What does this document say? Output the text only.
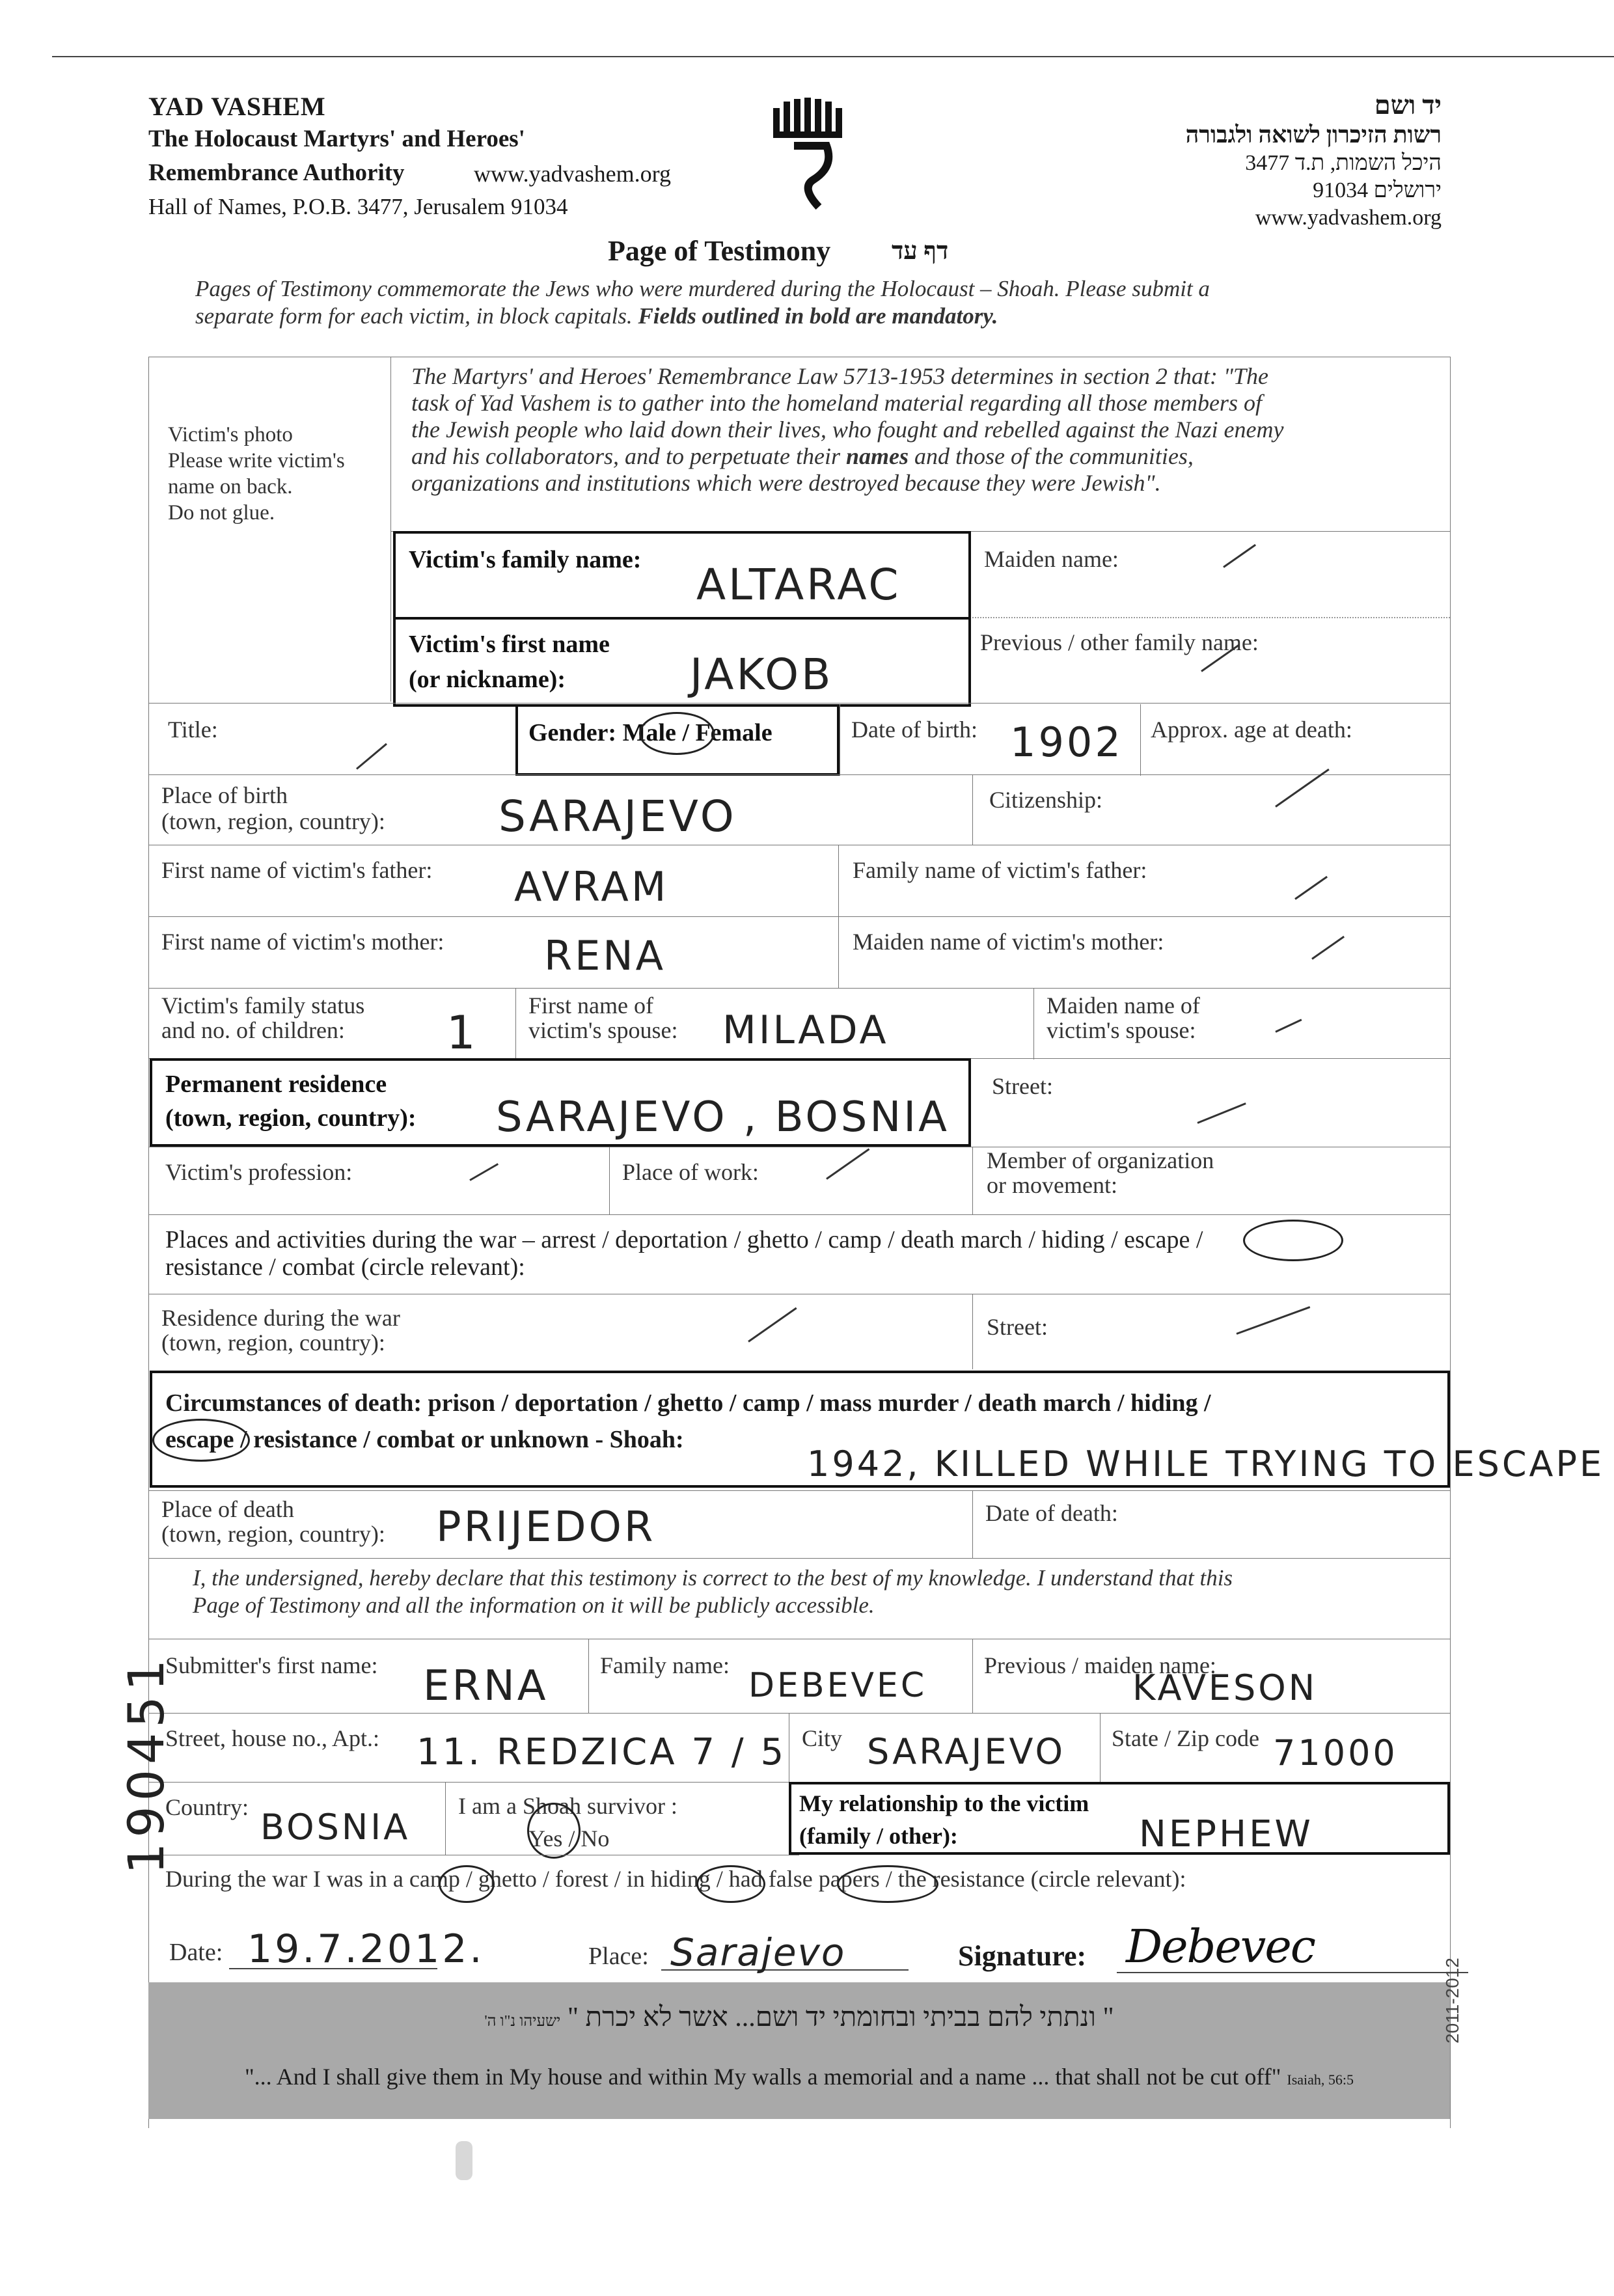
YAD VASHEM
The Holocaust Martyrs' and Heroes'
Remembrance Authority	www.yadvashem.org
Hall of Names, P.O.B. 3477, Jerusalem 91034
יד ושם
רשות הזיכרון לשואה ולגבורה
היכל השמות, ת.ד 3477
ירושלים 91034
www.yadvashem.org
Page of Testimony דף עד
Pages of Testimony commemorate the Jews who were murdered during the Holocaust – Shoah. Please submit a
separate form for each victim, in block capitals. Fields outlined in bold are mandatory.
Victim's photo
Please write victim's
name on back.
Do not glue.
The Martyrs' and Heroes' Remembrance Law 5713-1953 determines in section 2 that: "The
task of Yad Vashem is to gather into the homeland material regarding all those members of
the Jewish people who laid down their lives, who fought and rebelled against the Nazi enemy
and his collaborators, and to perpetuate their names and those of the communities,
organizations and institutions which were destroyed because they were Jewish".
Victim's family name: ALTARAC
Maiden name:
Victim's first name
(or nickname):	JAKOB
Previous / other family name:
Title:	Gender: Male / Female	Date of birth: 1902 Approx. age at death:
Place of birth
(town, region, country):	SARAJEVO	Citizenship:
First name of victim's father: AVRAM	Family name of victim's father:
First name of victim's mother: RENA	Maiden name of victim's mother:
Victim's family status
and no. of children:	1
First name of
victim's spouse: MILADA
Maiden name of
victim's spouse:
Permanent residence
(town, region, country): SARAJEVO , BOSNIA
Street:
Victim's profession:	Place of work:	Member of organization
or movement:
Places and activities during the war – arrest / deportation / ghetto / camp / death march / hiding / escape /
resistance / combat (circle relevant):
Residence during the war
(town, region, country):
Street:
Circumstances of death: prison / deportation / ghetto / camp / mass murder / death march / hiding /
escape / resistance / combat or unknown - Shoah:
1942, KILLED WHILE TRYING TO ESCAPE
Place of death
(town, region, country): PRIJEDOR	Date of death:
I, the undersigned, hereby declare that this testimony is correct to the best of my knowledge. I understand that this
Page of Testimony and all the information on it will be publicly accessible.
Submitter's first name: ERNA Family name:
DEBEVEC
Previous / maiden name:
KAVESON
Street, house no., Apt.: 11. REDZICA 7 / 5 City SARAJEVO State / Zip code 71000
Country: BOSNIA
I am a Shoah survivor :
Yes / No
My relationship to the victim
(family / other):	NEPHEW
During the war I was in a camp / ghetto / forest / in hiding / had false papers / the resistance (circle relevant):
Date: 19.7.2012.	Place: Sarajevo	Signature: Debevec
" ונתתי להם בביתי ובחומתי יד ושם... אשר לא יכרת " ישעיהו נ"ו ה'
"... And I shall give them in My house and within My walls a memorial and a name ... that shall not be cut off" Isaiah, 56:5
2011-2012
190451
